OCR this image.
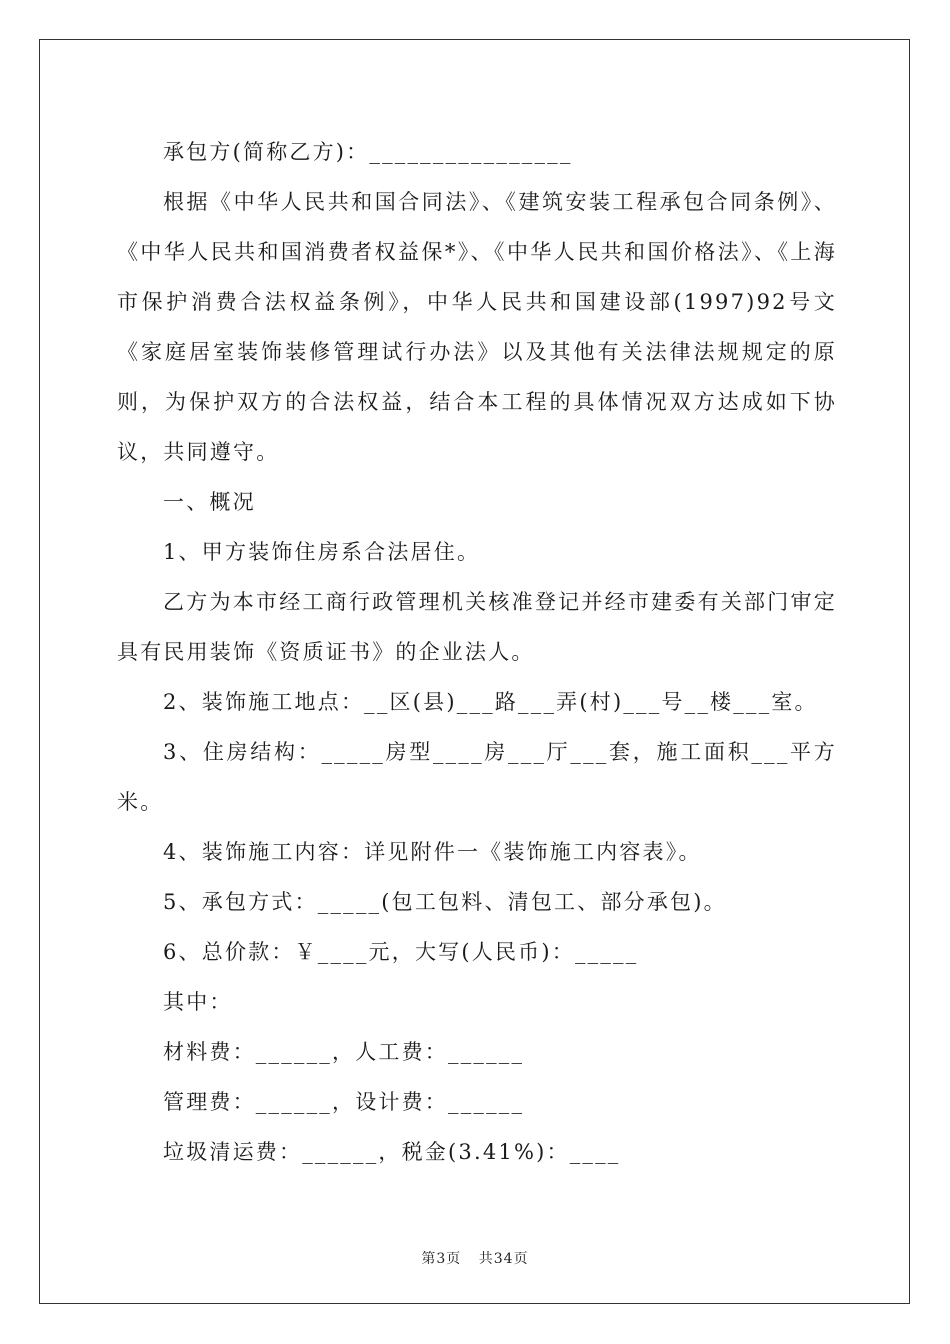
承包方(简称乙方)：________________

根据《中华人民共和国合同法》、《建筑安装工程承包合同条例》、《中华人民共和国消费者权益保*》、《中华人民共和国价格法》、《上海市保护消费合法权益条例》，中华人民共和国建设部(1997)92号文《家庭居室装饰装修管理试行办法》以及其他有关法律法规规定的原则，为保护双方的合法权益，结合本工程的具体情况双方达成如下协议，共同遵守。

一、概况

1、甲方装饰住房系合法居住。

乙方为本市经工商行政管理机关核准登记并经市建委有关部门审定具有民用装饰《资质证书》的企业法人。

2、装饰施工地点：__区(县)___路___弄(村)___号__楼___室。

3、住房结构：_____房型____房___厅___套，施工面积___平方米。

4、装饰施工内容：详见附件一《装饰施工内容表》。

5、承包方式：_____(包工包料、清包工、部分承包)。

6、总价款：￥____元，大写(人民币)：_____

其中：

材料费：______，人工费：______

管理费：______，设计费：______

垃圾清运费：______，税金(3.41%)：____

第3页 共34页
